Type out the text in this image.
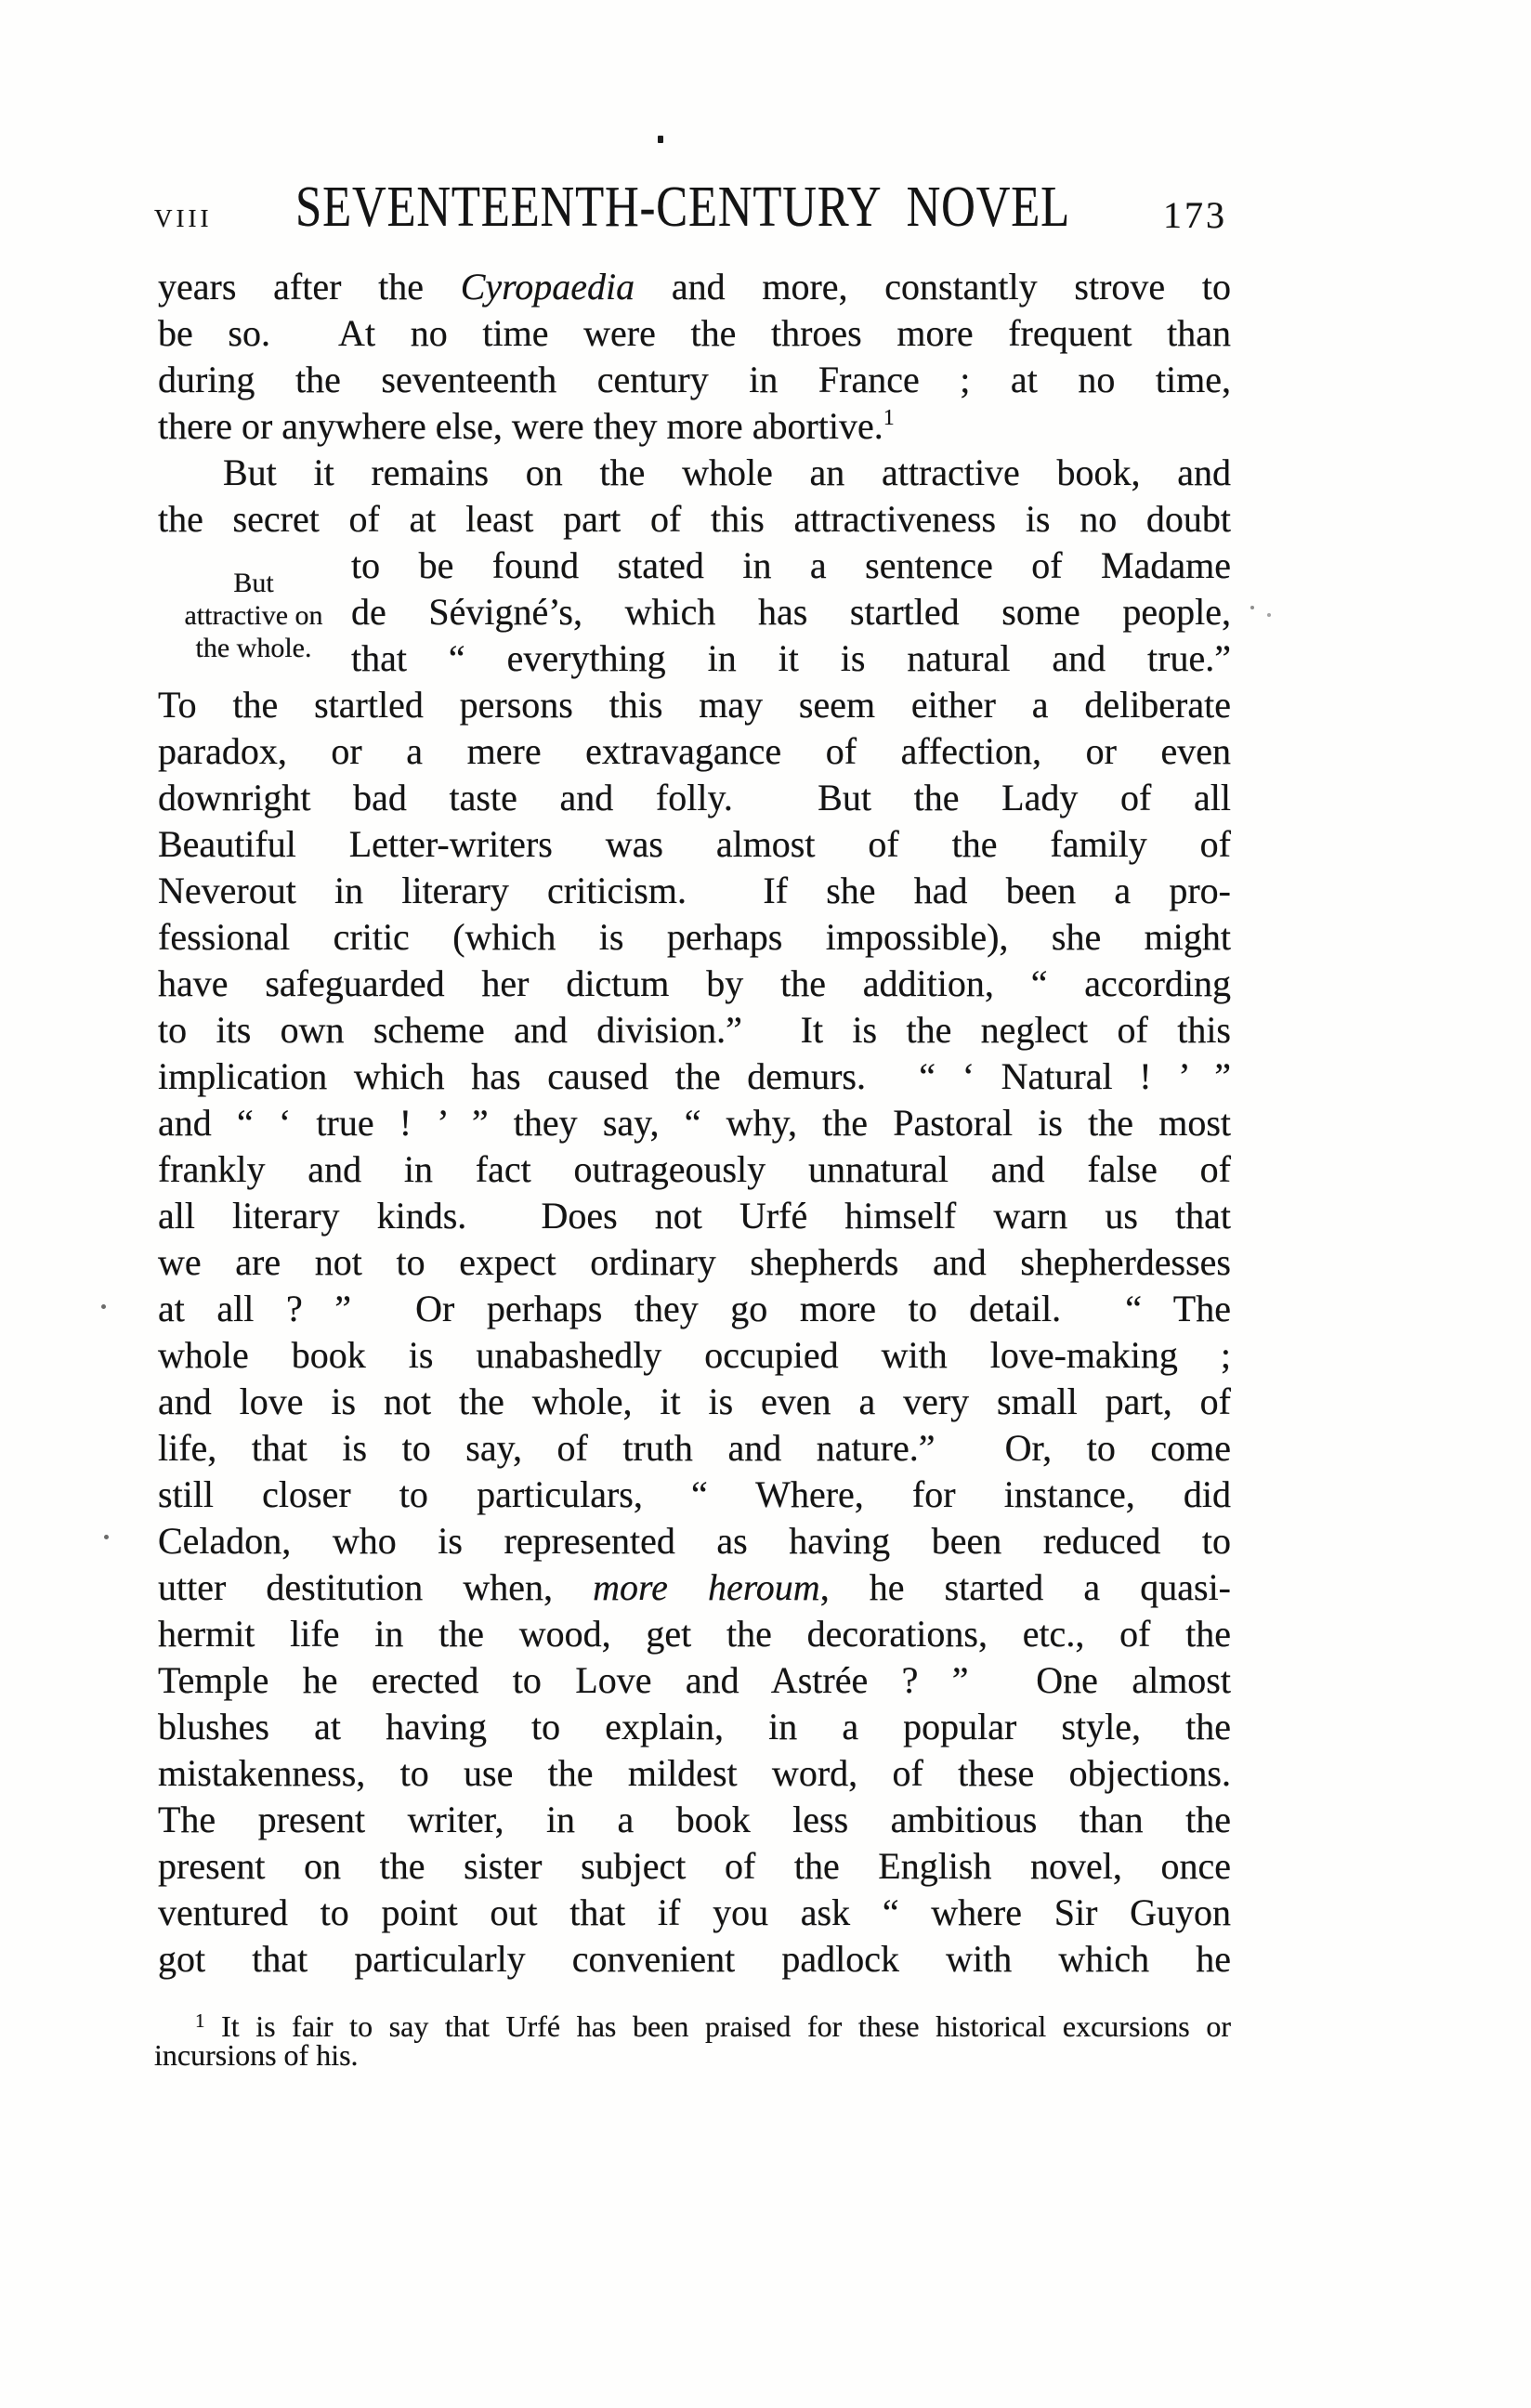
VIII SEVENTEENTH-CENTURY NOVEL	173
But
attractive on
the whole.
years after the Cyropaedia and more, constantly strove to
be so.  At no time were the throes more frequent than
during the seventeenth century in France ; at no time,
there or anywhere else, were they more abortive.$^1$
But it remains on the whole an attractive book, and
the secret of at least part of this attractiveness is no doubt
to be found stated in a sentence of Madame
de Sévigné’s, which has startled some people,
that “ everything in it is natural and true.”
To the startled persons this may seem either a deliberate
paradox, or a mere extravagance of affection, or even
downright bad taste and folly.  But the Lady of all
Beautiful Letter-writers was almost of the family of
Neverout in literary criticism.  If she had been a pro-
fessional critic (which is perhaps impossible), she might
have safeguarded her dictum by the addition, “ according
to its own scheme and division.”  It is the neglect of this
implication which has caused the demurs.  “ ‘ Natural ! ’ ”
and “ ‘ true ! ’ ” they say, “ why, the Pastoral is the most
frankly and in fact outrageously unnatural and false of
all literary kinds.  Does not Urfé himself warn us that
we are not to expect ordinary shepherds and shepherdesses
at all ? ”  Or perhaps they go more to detail.  “ The
whole book is unabashedly occupied with love-making ;
and love is not the whole, it is even a very small part, of
life, that is to say, of truth and nature.”  Or, to come
still closer to particulars, “ Where, for instance, did
Celadon, who is represented as having been reduced to
utter destitution when, more heroum, he started a quasi-
hermit life in the wood, get the decorations, etc., of the
Temple he erected to Love and Astrée ? ”  One almost
blushes at having to explain, in a popular style, the
mistakenness, to use the mildest word, of these objections.
The present writer, in a book less ambitious than the
present on the sister subject of the English novel, once
ventured to point out that if you ask “ where Sir Guyon
got that particularly convenient padlock with which he
$^1$ It is fair to say that Urfé has been praised for these historical excursions or
incursions of his.
